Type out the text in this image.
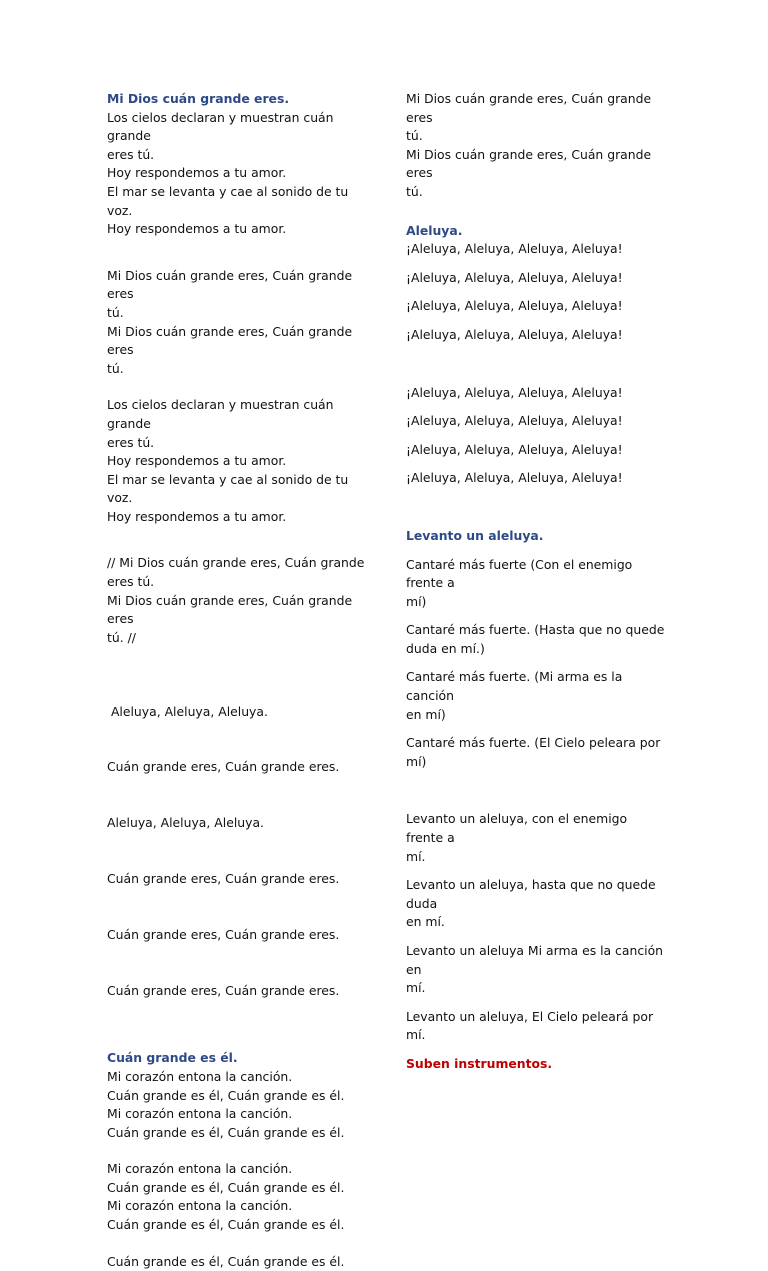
Mi Dios cuán grande eres.

Los cielos declaran y muestran cuán grande
eres tú.
Hoy respondemos a tu amor.
El mar se levanta y cae al sonido de tu voz.
Hoy respondemos a tu amor.
Mi Dios cuán grande eres, Cuán grande eres
tú.
Mi Dios cuán grande eres, Cuán grande eres
tú.
Los cielos declaran y muestran cuán grande
eres tú.
Hoy respondemos a tu amor.
El mar se levanta y cae al sonido de tu voz.
Hoy respondemos a tu amor.
// Mi Dios cuán grande eres, Cuán grande
eres tú.
Mi Dios cuán grande eres, Cuán grande eres
tú. //

Aleluya, Aleluya, Aleluya.

Cuán grande eres, Cuán grande eres.

Aleluya, Aleluya, Aleluya.

Cuán grande eres, Cuán grande eres.

Cuán grande eres, Cuán grande eres.

Cuán grande eres, Cuán grande eres.

Cuán grande es él.

Mi corazón entona la canción.
Cuán grande es él, Cuán grande es él.
Mi corazón entona la canción.
Cuán grande es él, Cuán grande es él.
Mi corazón entona la canción.
Cuán grande es él, Cuán grande es él.
Mi corazón entona la canción.
Cuán grande es él, Cuán grande es él.
Cuán grande es él, Cuán grande es él.
Mi Dios cuán grande eres, Cuán grande eres
tú.
Mi Dios cuán grande eres, Cuán grande eres
tú.

Aleluya.

¡Aleluya, Aleluya, Aleluya, Aleluya!
¡Aleluya, Aleluya, Aleluya, Aleluya!
¡Aleluya, Aleluya, Aleluya, Aleluya!
¡Aleluya, Aleluya, Aleluya, Aleluya!
¡Aleluya, Aleluya, Aleluya, Aleluya!
¡Aleluya, Aleluya, Aleluya, Aleluya!
¡Aleluya, Aleluya, Aleluya, Aleluya!
¡Aleluya, Aleluya, Aleluya, Aleluya!

Levanto un aleluya.

Cantaré más fuerte (Con el enemigo frente a
mí)
Cantaré más fuerte. (Hasta que no quede
duda en mí.)
Cantaré más fuerte. (Mi arma es la canción
en mí)
Cantaré más fuerte. (El Cielo peleara por mí)
Levanto un aleluya, con el enemigo frente a
mí.
Levanto un aleluya, hasta que no quede duda
en mí.
Levanto un aleluya Mi arma es la canción en
mí.
Levanto un aleluya, El Cielo peleará por mí.

Suben instrumentos.
